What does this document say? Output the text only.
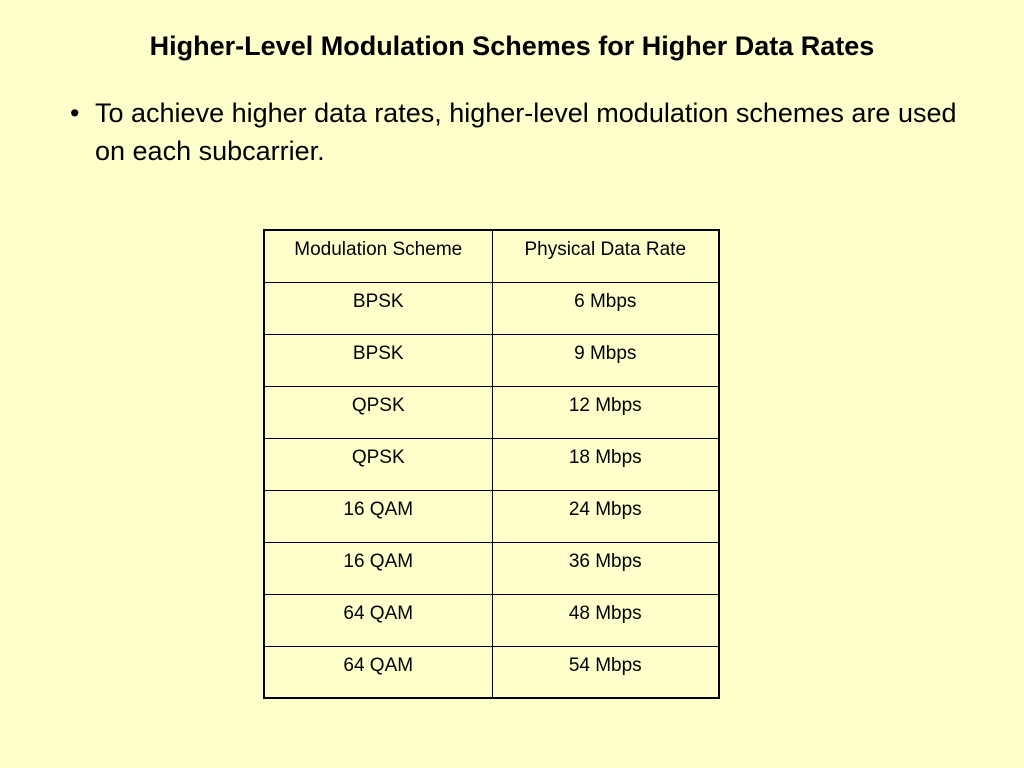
Higher-Level Modulation Schemes for Higher Data Rates
• To achieve higher data rates, higher-level modulation schemes are used on each subcarrier.
Modulation Scheme	Physical Data Rate
BPSK	6 Mbps
BPSK	9 Mbps
QPSK	12 Mbps
QPSK	18 Mbps
16 QAM	24 Mbps
16 QAM	36 Mbps
64 QAM	48 Mbps
64 QAM	54 Mbps
